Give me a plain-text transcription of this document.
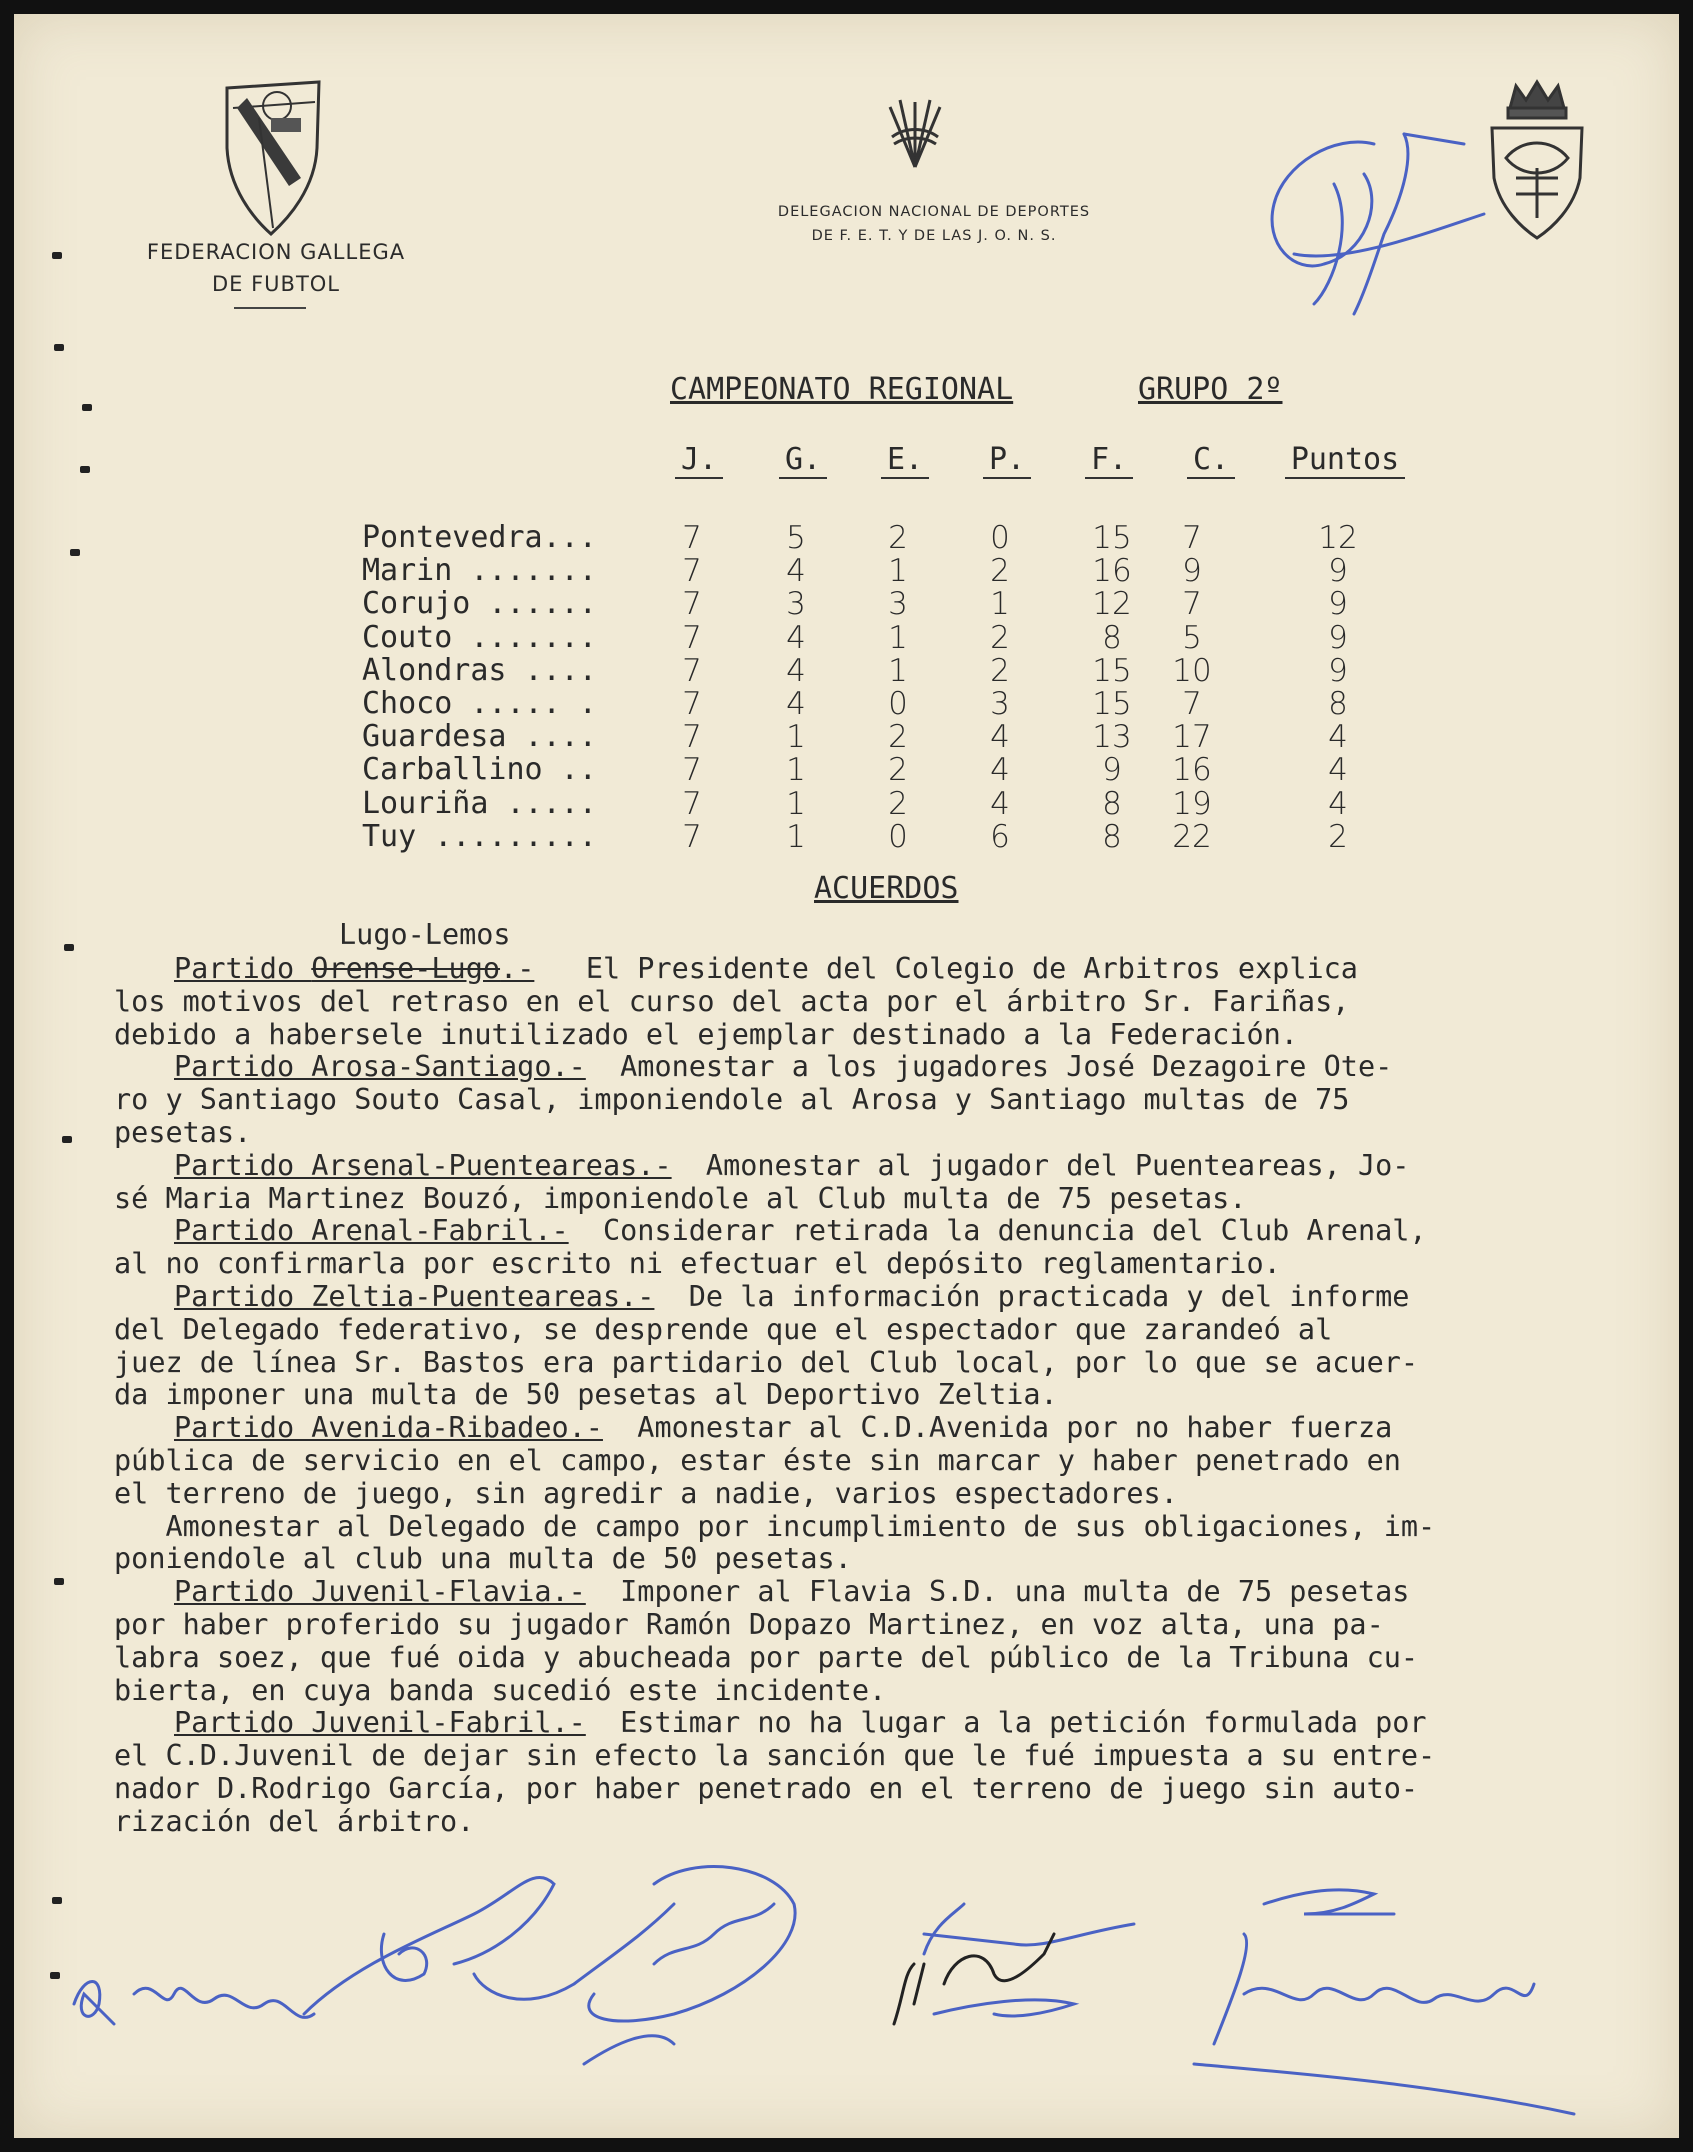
FEDERACION GALLEGA
DE FUBTOL
DELEGACION NACIONAL DE DEPORTES
DE F. E. T. Y DE LAS J. O. N. S.
CAMPEONATO REGIONAL	GRUPO 2º
J.	G.	E.	P.	F.	C.	Puntos
Pontevedra...	7	5	2	0	15	7	12
Marin .......	7	4	1	2	16	9	9
Corujo ......	7	3	3	1	12	7	9
Couto .......	7	4	1	2	8	5	9
Alondras ....	7	4	1	2	15	10	9
Choco ..... .	7	4	0	3	15	7	8
Guardesa ....	7	1	2	4	13	17	4
Carballino ..	7	1	2	4	9	16	4
Louriña .....	7	1	2	4	8	19	4
Tuy .........	7	1	0	6	8	22	2
ACUERDOS
Lugo-Lemos
Partido Orense-Lugo.-   El Presidente del Colegio de Arbitros explica
los motivos del retraso en el curso del acta por el árbitro Sr. Fariñas,
debido a habersele inutilizado el ejemplar destinado a la Federación.
Partido Arosa-Santiago.-  Amonestar a los jugadores José Dezagoire Ote-
ro y Santiago Souto Casal, imponiendole al Arosa y Santiago multas de 75
pesetas.
Partido Arsenal-Puenteareas.-  Amonestar al jugador del Puenteareas, Jo-
sé Maria Martinez Bouzó, imponiendole al Club multa de 75 pesetas.
Partido Arenal-Fabril.-  Considerar retirada la denuncia del Club Arenal,
al no confirmarla por escrito ni efectuar el depósito reglamentario.
Partido Zeltia-Puenteareas.-  De la información practicada y del informe
del Delegado federativo, se desprende que el espectador que zarandeó al
juez de línea Sr. Bastos era partidario del Club local, por lo que se acuer-
da imponer una multa de 50 pesetas al Deportivo Zeltia.
Partido Avenida-Ribadeo.-  Amonestar al C.D.Avenida por no haber fuerza
pública de servicio en el campo, estar éste sin marcar y haber penetrado en
el terreno de juego, sin agredir a nadie, varios espectadores.
Amonestar al Delegado de campo por incumplimiento de sus obligaciones, im-
poniendole al club una multa de 50 pesetas.
Partido Juvenil-Flavia.-  Imponer al Flavia S.D. una multa de 75 pesetas
por haber proferido su jugador Ramón Dopazo Martinez, en voz alta, una pa-
labra soez, que fué oida y abucheada por parte del público de la Tribuna cu-
bierta, en cuya banda sucedió este incidente.
Partido Juvenil-Fabril.-  Estimar no ha lugar a la petición formulada por
el C.D.Juvenil de dejar sin efecto la sanción que le fué impuesta a su entre-
nador D.Rodrigo García, por haber penetrado en el terreno de juego sin auto-
rización del árbitro.
